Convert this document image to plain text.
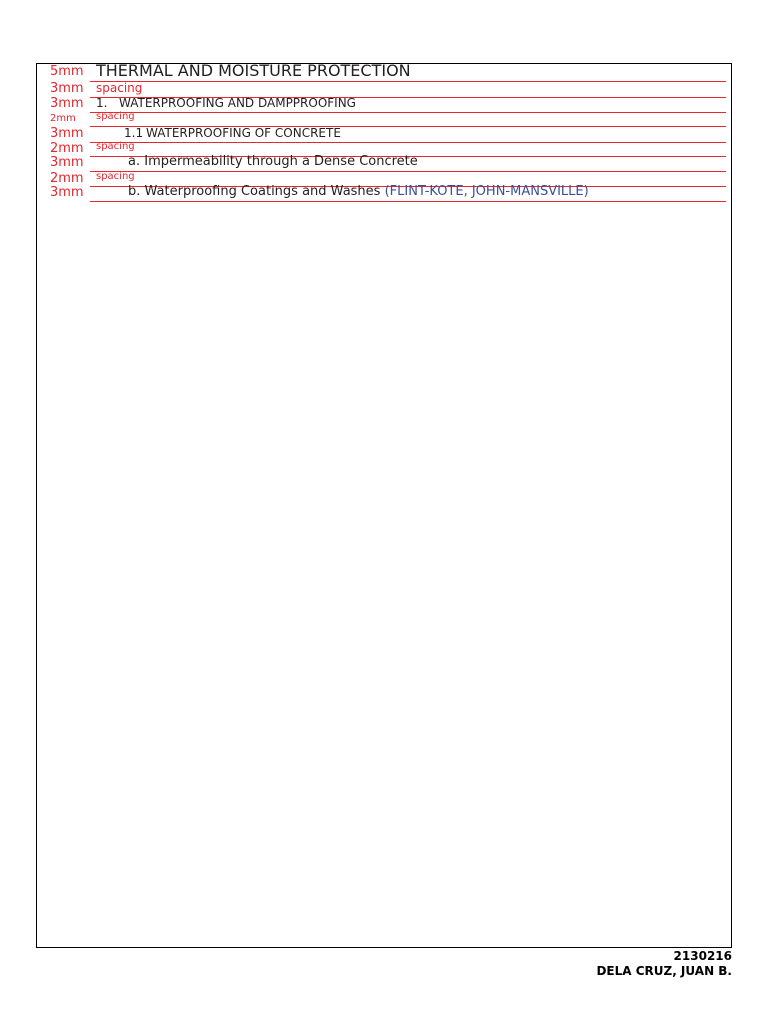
5mm THERMAL AND MOISTURE PROTECTION
3mm spacing
3mm 1. WATERPROOFING AND DAMPPROOFING
2mm spacing
3mm	1.1 WATERPROOFING OF CONCRETE
2mm spacing
3mm	a. Impermeability through a Dense Concrete
2mm spacing
3mm	b. Waterproofing Coatings and Washes (FLINT-KOTE, JOHN-MANSVILLE)
2130216
DELA CRUZ, JUAN B.
